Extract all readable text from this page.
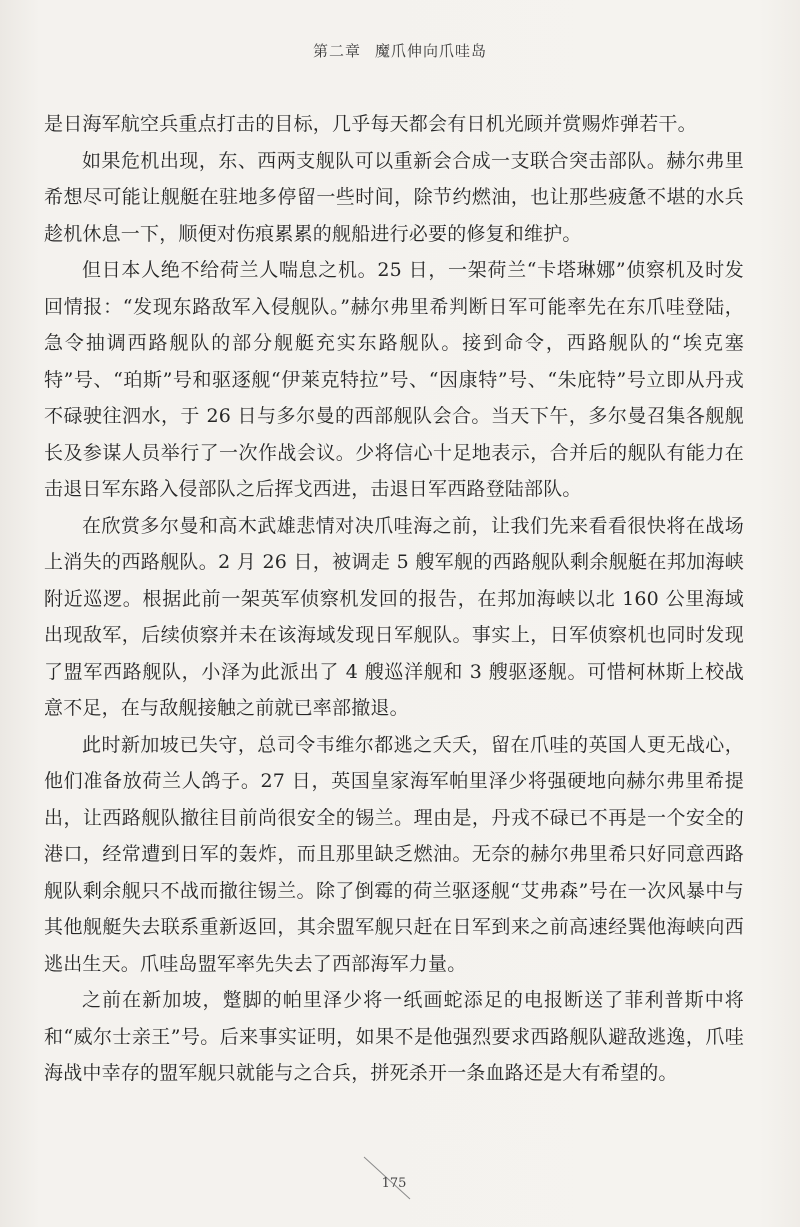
第二章 魔爪伸向爪哇岛

是日海军航空兵重点打击的目标，几乎每天都会有日机光顾并赏赐炸弹若干。

如果危机出现，东、西两支舰队可以重新会合成一支联合突击部队。赫尔弗里希想尽可能让舰艇在驻地多停留一些时间，除节约燃油，也让那些疲惫不堪的水兵趁机休息一下，顺便对伤痕累累的舰船进行必要的修复和维护。

但日本人绝不给荷兰人喘息之机。25 日，一架荷兰“卡塔琳娜”侦察机及时发回情报：“发现东路敌军入侵舰队。”赫尔弗里希判断日军可能率先在东爪哇登陆，急令抽调西路舰队的部分舰艇充实东路舰队。接到命令，西路舰队的“埃克塞特”号、“珀斯”号和驱逐舰“伊莱克特拉”号、“因康特”号、“朱庇特”号立即从丹戎不碌驶往泗水，于 26 日与多尔曼的西部舰队会合。当天下午，多尔曼召集各舰舰长及参谋人员举行了一次作战会议。少将信心十足地表示，合并后的舰队有能力在击退日军东路入侵部队之后挥戈西进，击退日军西路登陆部队。

在欣赏多尔曼和高木武雄悲情对决爪哇海之前，让我们先来看看很快将在战场上消失的西路舰队。2 月 26 日，被调走 5 艘军舰的西路舰队剩余舰艇在邦加海峡附近巡逻。根据此前一架英军侦察机发回的报告，在邦加海峡以北 160 公里海域出现敌军，后续侦察并未在该海域发现日军舰队。事实上，日军侦察机也同时发现了盟军西路舰队，小泽为此派出了 4 艘巡洋舰和 3 艘驱逐舰。可惜柯林斯上校战意不足，在与敌舰接触之前就已率部撤退。

此时新加坡已失守，总司令韦维尔都逃之夭夭，留在爪哇的英国人更无战心，他们准备放荷兰人鸽子。27 日，英国皇家海军帕里泽少将强硬地向赫尔弗里希提出，让西路舰队撤往目前尚很安全的锡兰。理由是，丹戎不碌已不再是一个安全的港口，经常遭到日军的轰炸，而且那里缺乏燃油。无奈的赫尔弗里希只好同意西路舰队剩余舰只不战而撤往锡兰。除了倒霉的荷兰驱逐舰“艾弗森”号在一次风暴中与其他舰艇失去联系重新返回，其余盟军舰只赶在日军到来之前高速经巽他海峡向西逃出生天。爪哇岛盟军率先失去了西部海军力量。

之前在新加坡，蹩脚的帕里泽少将一纸画蛇添足的电报断送了菲利普斯中将和“威尔士亲王”号。后来事实证明，如果不是他强烈要求西路舰队避敌逃逸，爪哇海战中幸存的盟军舰只就能与之合兵，拼死杀开一条血路还是大有希望的。

175
